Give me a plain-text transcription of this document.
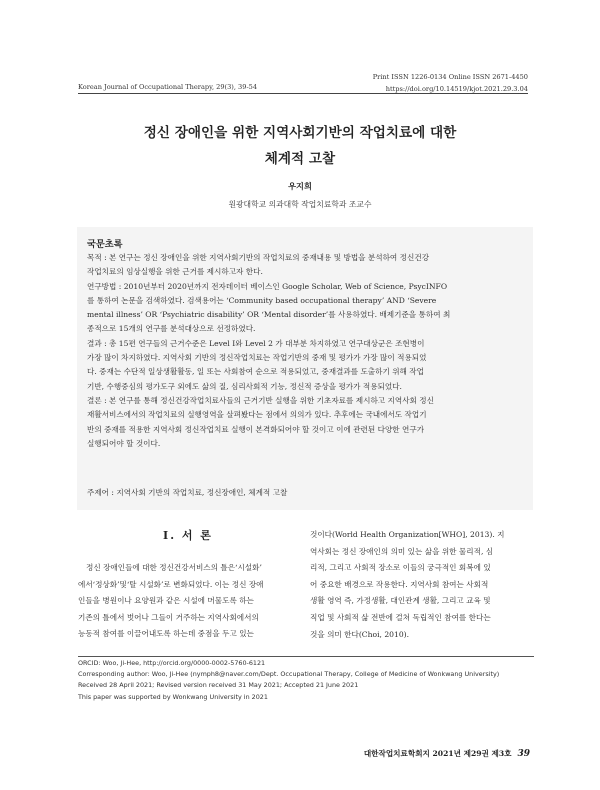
Korean Journal of Occupational Therapy, 29(3), 39-54
Print ISSN 1226-0134 Online ISSN 2671-4450
https://doi.org/10.14519/kjot.2021.29.3.04
정신 장애인을 위한 지역사회기반의 작업치료에 대한
체계적 고찰
우지희
원광대학교 의과대학 작업치료학과 조교수
국문초록
목적 : 본 연구는 정신 장애인을 위한 지역사회기반의 작업치료의 중재내용 및 방법을 분석하여 정신건강
작업치료의 임상실행을 위한 근거를 제시하고자 한다.
연구방법 : 2010년부터 2020년까지 전자데이터 베이스인 Google Scholar, Web of Science, PsycINFO
를 통하여 논문을 검색하였다. 검색용어는 ‘Community based occupational therapy’ AND ‘Severe
mental illness’ OR ‘Psychiatric disability’ OR ‘Mental disorder’를 사용하였다. 배제기준을 통하여 최
종적으로 15개의 연구를 분석대상으로 선정하였다.
결과 : 총 15편 연구들의 근거수준은 Level Ⅰ와 Level 2 가 대부분 차지하였고 연구대상군은 조현병이
가장 많이 차지하였다. 지역사회 기반의 정신작업치료는 작업기반의 중재 및 평가가 가장 많이 적용되었
다. 중재는 수단적 일상생활활동, 일 또는 사회참여 순으로 적용되었고, 중재결과를 도출하기 위해 작업
기반, 수행중심의 평가도구 외에도 삶의 질, 심리사회적 기능, 정신적 증상을 평가가 적용되었다.
결론 : 본 연구를 통해 정신건강작업치료사들의 근거기반 실행을 위한 기초자료를 제시하고 지역사회 정신
재활서비스에서의 작업치료의 실행영역을 살펴봤다는 점에서 의의가 있다. 추후에는 국내에서도 작업기
반의 중재를 적용한 지역사회 정신작업치료 실행이 본격화되어야 할 것이고 이에 관련된 다양한 연구가
실행되어야 할 것이다.
주제어 : 지역사회 기반의 작업치료, 정신장애인, 체계적 고찰
Ⅰ. 서 론
정신 장애인들에 대한 정신건강서비스의 틀은‘시설화’
에서‘정상화’및‘탈 시설화’로 변화되었다. 이는 정신 장애
인들을 병원이나 요양원과 같은 시설에 머물도록 하는
기존의 틀에서 벗어나 그들이 거주하는 지역사회에서의
능동적 참여를 이끌어내도록 하는데 중점을 두고 있는
것이다(World Health Organization[WHO], 2013). 지
역사회는 정신 장애인의 의미 있는 삶을 위한 물리적, 심
리적, 그리고 사회적 장소로 이들의 궁극적인 회복에 있
어 중요한 배경으로 작용한다. 지역사회 참여는 사회적
생활 영역 즉, 가정생활, 대인관계 생활, 그리고 교육 및
직업 및 사회적 삶 전반에 걸쳐 독립적인 참여를 한다는
것을 의미 한다(Choi, 2010).
ORCID: Woo, Ji-Hee, http://orcid.org/0000-0002-5760-6121
Corresponding author: Woo, Ji-Hee (nymph8@naver.com/Dept. Occupational Therapy, College of Medicine of Wonkwang University)
Received 28 April 2021; Revised version received 31 May 2021; Accepted 21 June 2021
This paper was supported by Wonkwang University in 2021
대한작업치료학회지 2021년 제29권 제3호 39
